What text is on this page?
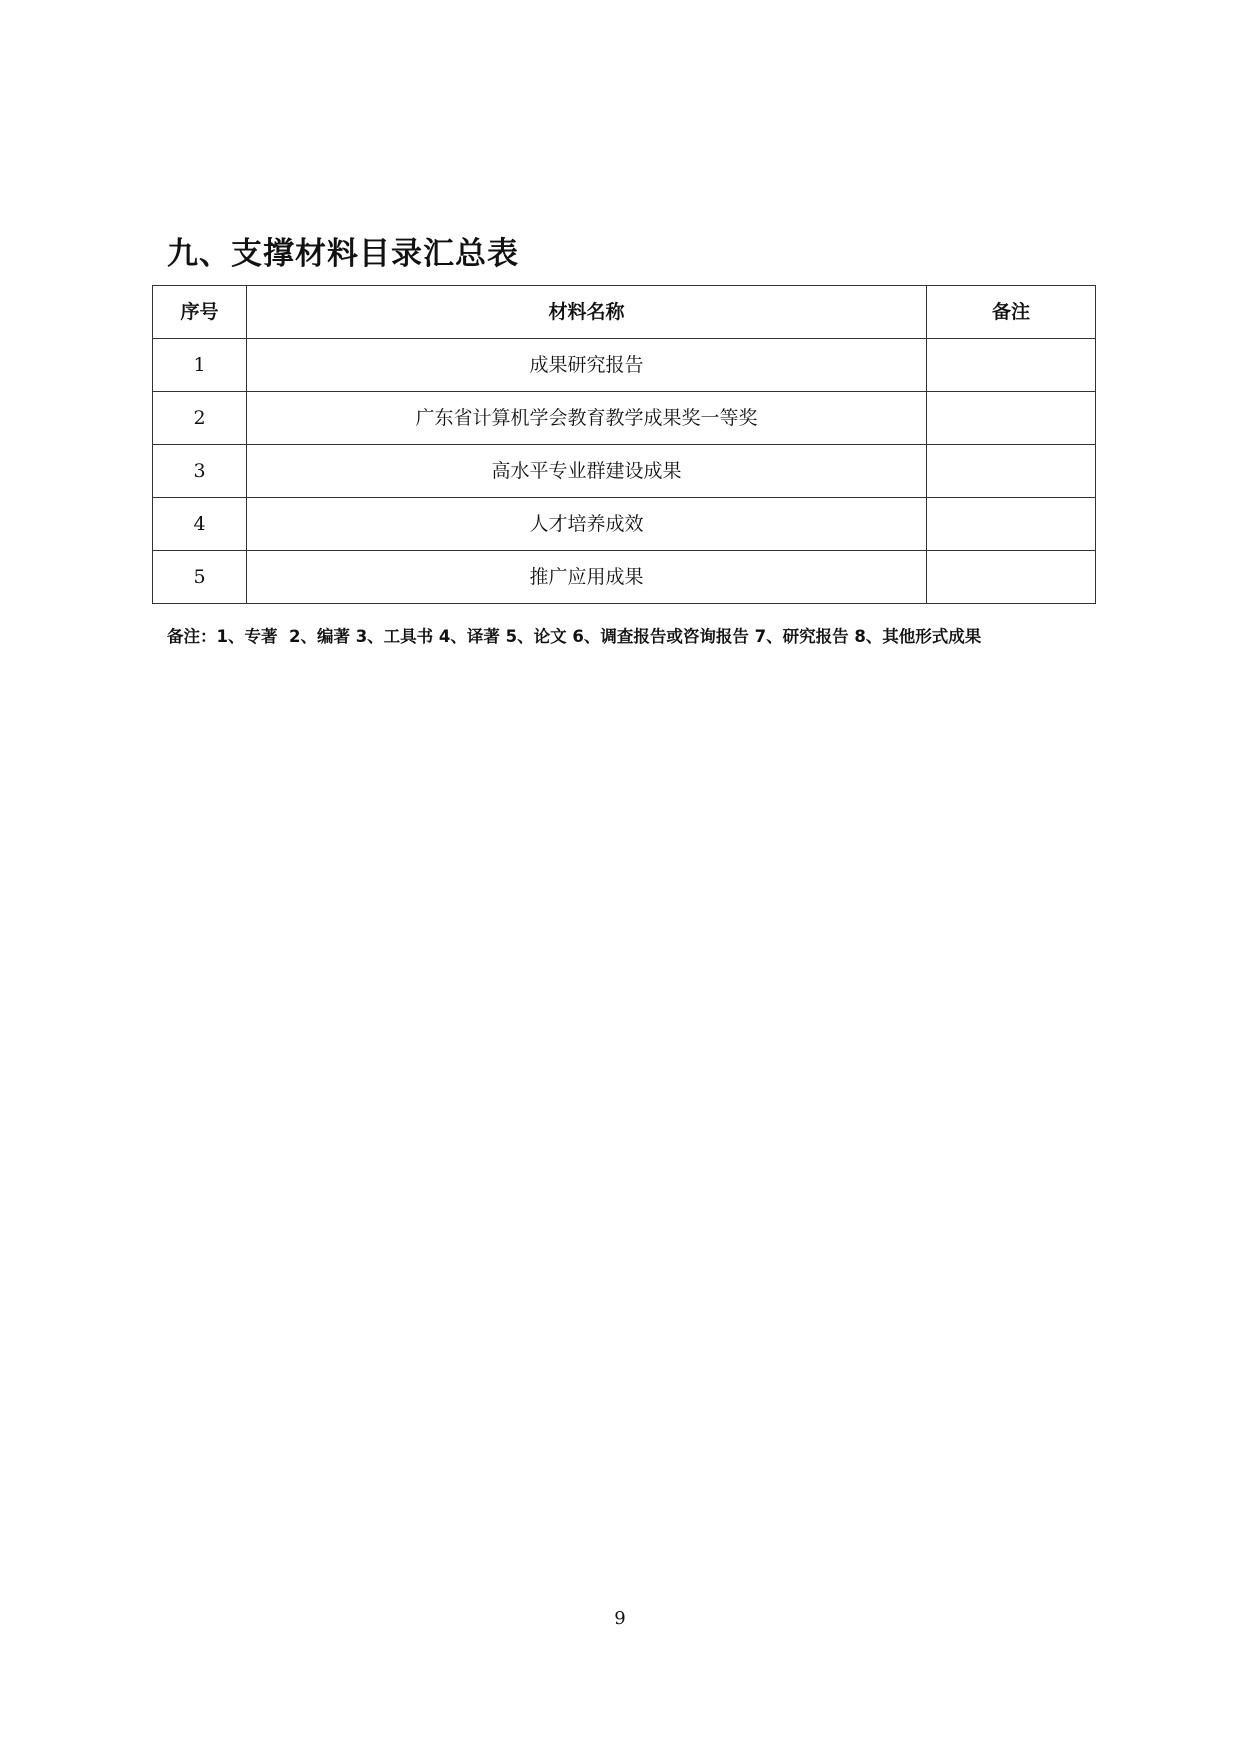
九、支撑材料目录汇总表
序号	材料名称	备注
1	成果研究报告	
2	广东省计算机学会教育教学成果奖一等奖	
3	高水平专业群建设成果	
4	人才培养成效	
5	推广应用成果	

备注：1、专著  2、编著 3、工具书 4、译著 5、论文 6、调查报告或咨询报告 7、研究报告 8、其他形式成果

9
